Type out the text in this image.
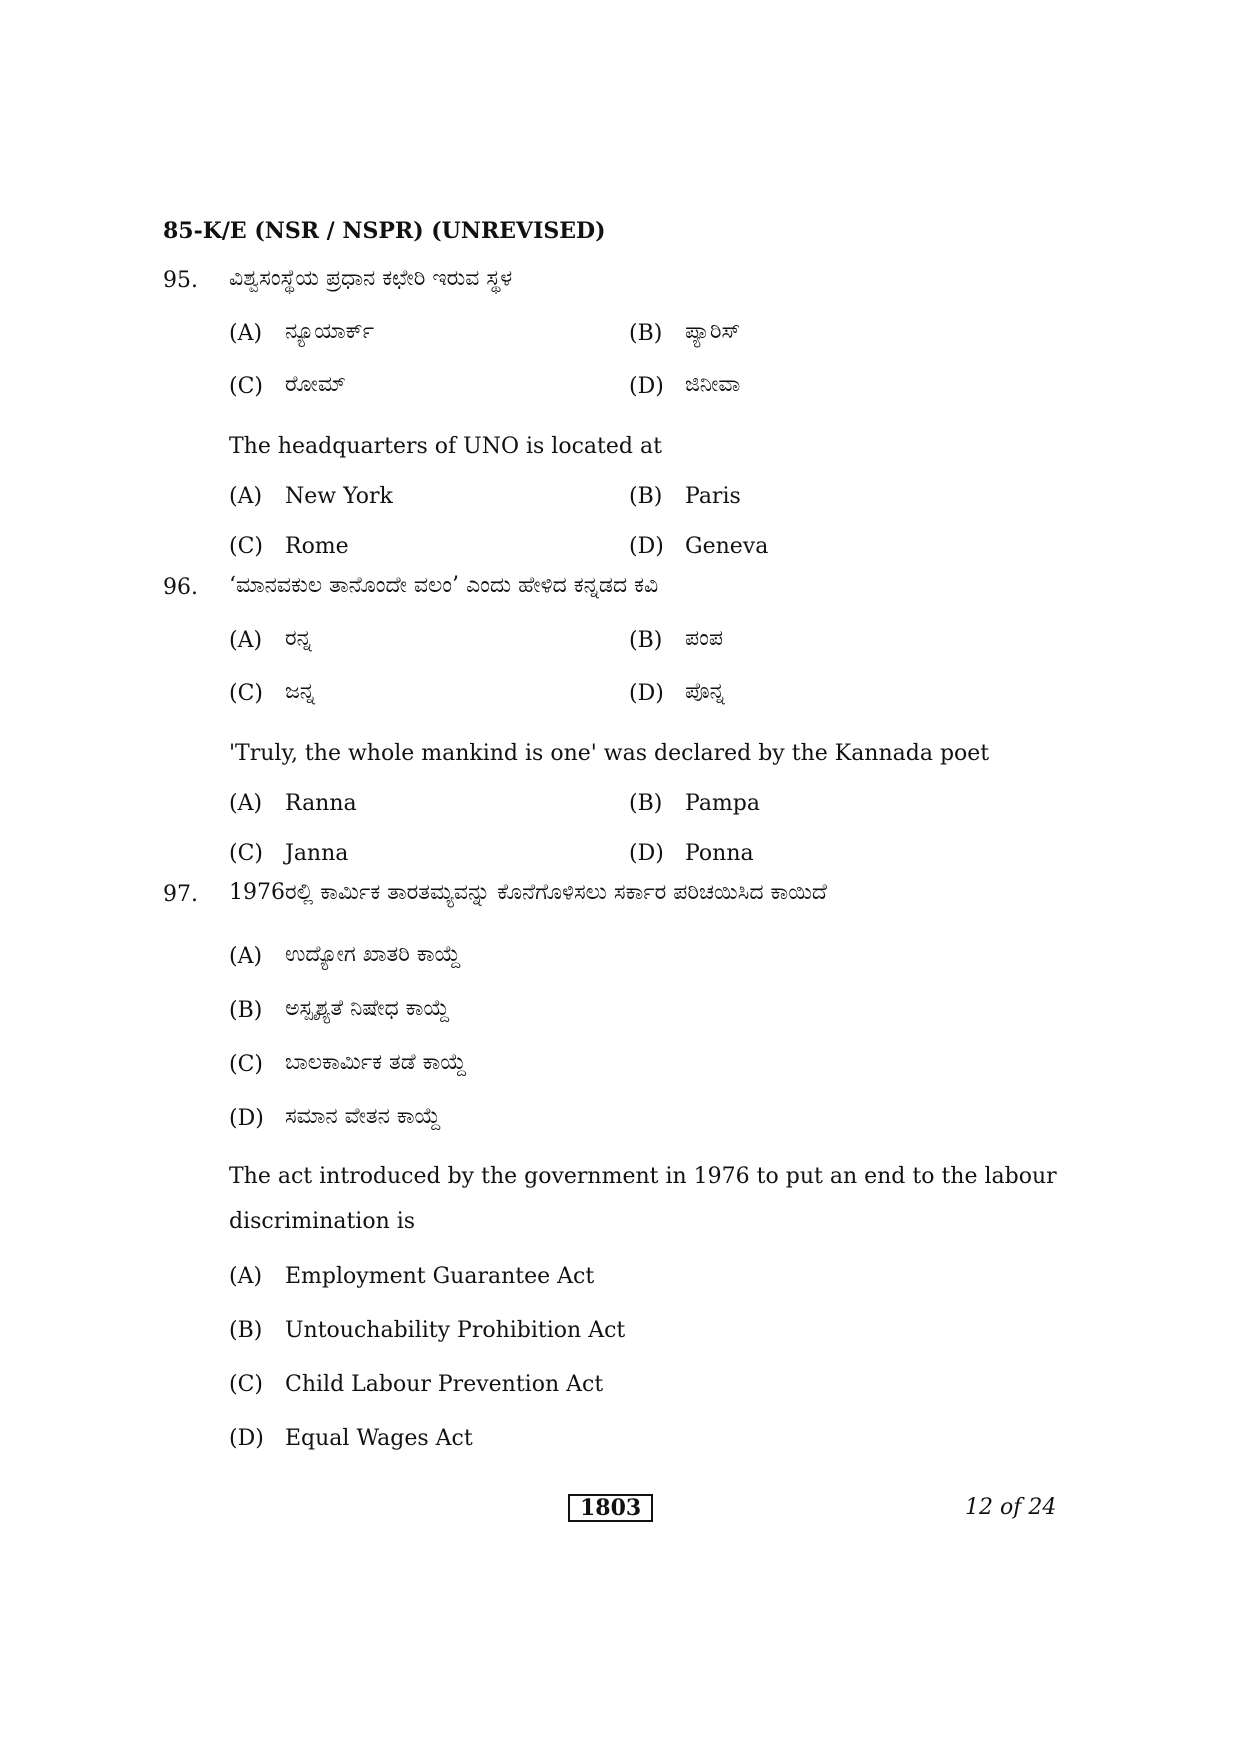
85-K/E (NSR / NSPR) (UNREVISED)
95. ವಿಶ್ವಸಂಸ್ಥೆಯ ಪ್ರಧಾನ ಕಛೇರಿ ಇರುವ ಸ್ಥಳ
(A) ನ್ಯೂಯಾರ್ಕ್	(B) ಪ್ಯಾರಿಸ್
(C) ರೋಮ್	(D) ಜಿನೀವಾ
The headquarters of UNO is located at
(A) New York	(B) Paris
(C) Rome	(D) Geneva
96. ‘ಮಾನವಕುಲ ತಾನೊಂದೇ ವಲಂ’ ಎಂದು ಹೇಳಿದ ಕನ್ನಡದ ಕವಿ
(A) ರನ್ನ	(B) ಪಂಪ
(C) ಜನ್ನ	(D) ಪೊನ್ನ
'Truly, the whole mankind is one' was declared by the Kannada poet
(A) Ranna	(B) Pampa
(C) Janna	(D) Ponna
97. 1976ರಲ್ಲಿ ಕಾರ್ಮಿಕ ತಾರತಮ್ಯವನ್ನು ಕೊನೆಗೊಳಿಸಲು ಸರ್ಕಾರ ಪರಿಚಯಿಸಿದ ಕಾಯಿದೆ
(A) ಉದ್ಯೋಗ ಖಾತರಿ ಕಾಯ್ದೆ
(B) ಅಸ್ಪೃಶ್ಯತೆ ನಿಷೇಧ ಕಾಯ್ದೆ
(C) ಬಾಲಕಾರ್ಮಿಕ ತಡೆ ಕಾಯ್ದೆ
(D) ಸಮಾನ ವೇತನ ಕಾಯ್ದೆ
The act introduced by the government in 1976 to put an end to the labour
discrimination is
(A) Employment Guarantee Act
(B) Untouchability Prohibition Act
(C) Child Labour Prevention Act
(D) Equal Wages Act
1803	12 of 24
